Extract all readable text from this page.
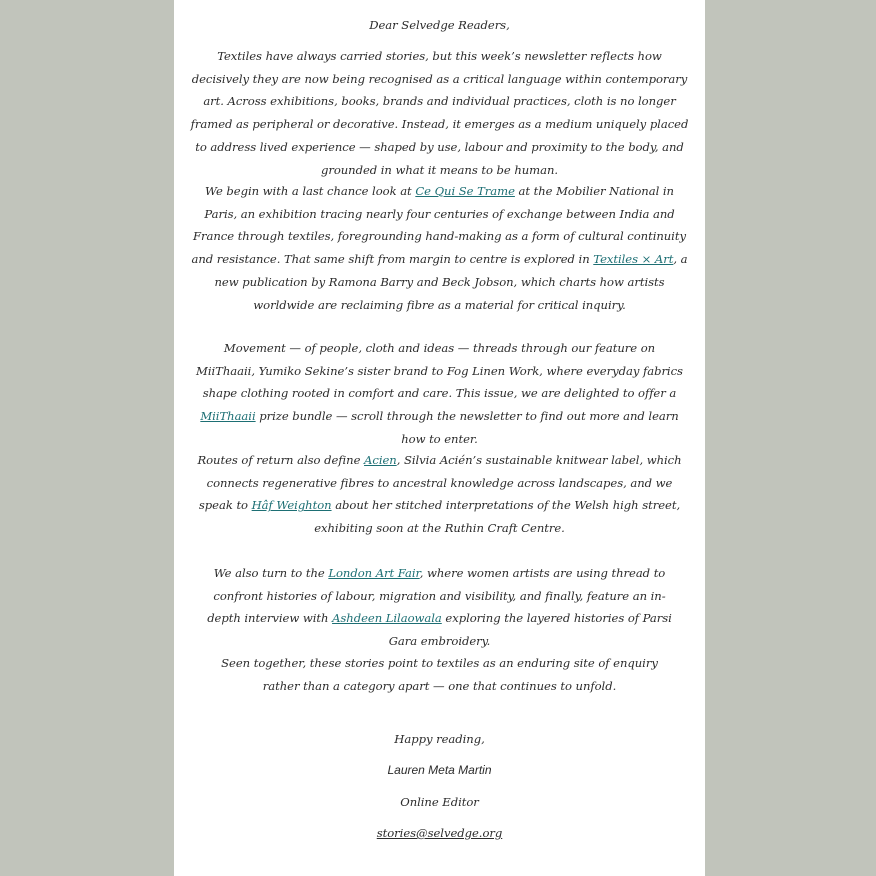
Dear Selvedge Readers,

Textiles have always carried stories, but this week’s newsletter reflects how decisively they are now being recognised as a critical language within contemporary art. Across exhibitions, books, brands and individual practices, cloth is no longer framed as peripheral or decorative. Instead, it emerges as a medium uniquely placed to address lived experience — shaped by use, labour and proximity to the body, and grounded in what it means to be human.

We begin with a last chance look at Ce Qui Se Trame at the Mobilier National in Paris, an exhibition tracing nearly four centuries of exchange between India and France through textiles, foregrounding hand-making as a form of cultural continuity and resistance. That same shift from margin to centre is explored in Textiles × Art, a new publication by Ramona Barry and Beck Jobson, which charts how artists worldwide are reclaiming fibre as a material for critical inquiry.

Movement — of people, cloth and ideas — threads through our feature on MiiThaaii, Yumiko Sekine’s sister brand to Fog Linen Work, where everyday fabrics shape clothing rooted in comfort and care. This issue, we are delighted to offer a MiiThaaii prize bundle — scroll through the newsletter to find out more and learn how to enter.

Routes of return also define Acien, Silvia Acién’s sustainable knitwear label, which connects regenerative fibres to ancestral knowledge across landscapes, and we speak to Hâf Weighton about her stitched interpretations of the Welsh high street, exhibiting soon at the Ruthin Craft Centre.

We also turn to the London Art Fair, where women artists are using thread to confront histories of labour, migration and visibility, and finally, feature an in-depth interview with Ashdeen Lilaowala exploring the layered histories of Parsi Gara embroidery.

Seen together, these stories point to textiles as an enduring site of enquiry rather than a category apart — one that continues to unfold.

Happy reading,

Lauren Meta Martin

Online Editor

stories@selvedge.org
